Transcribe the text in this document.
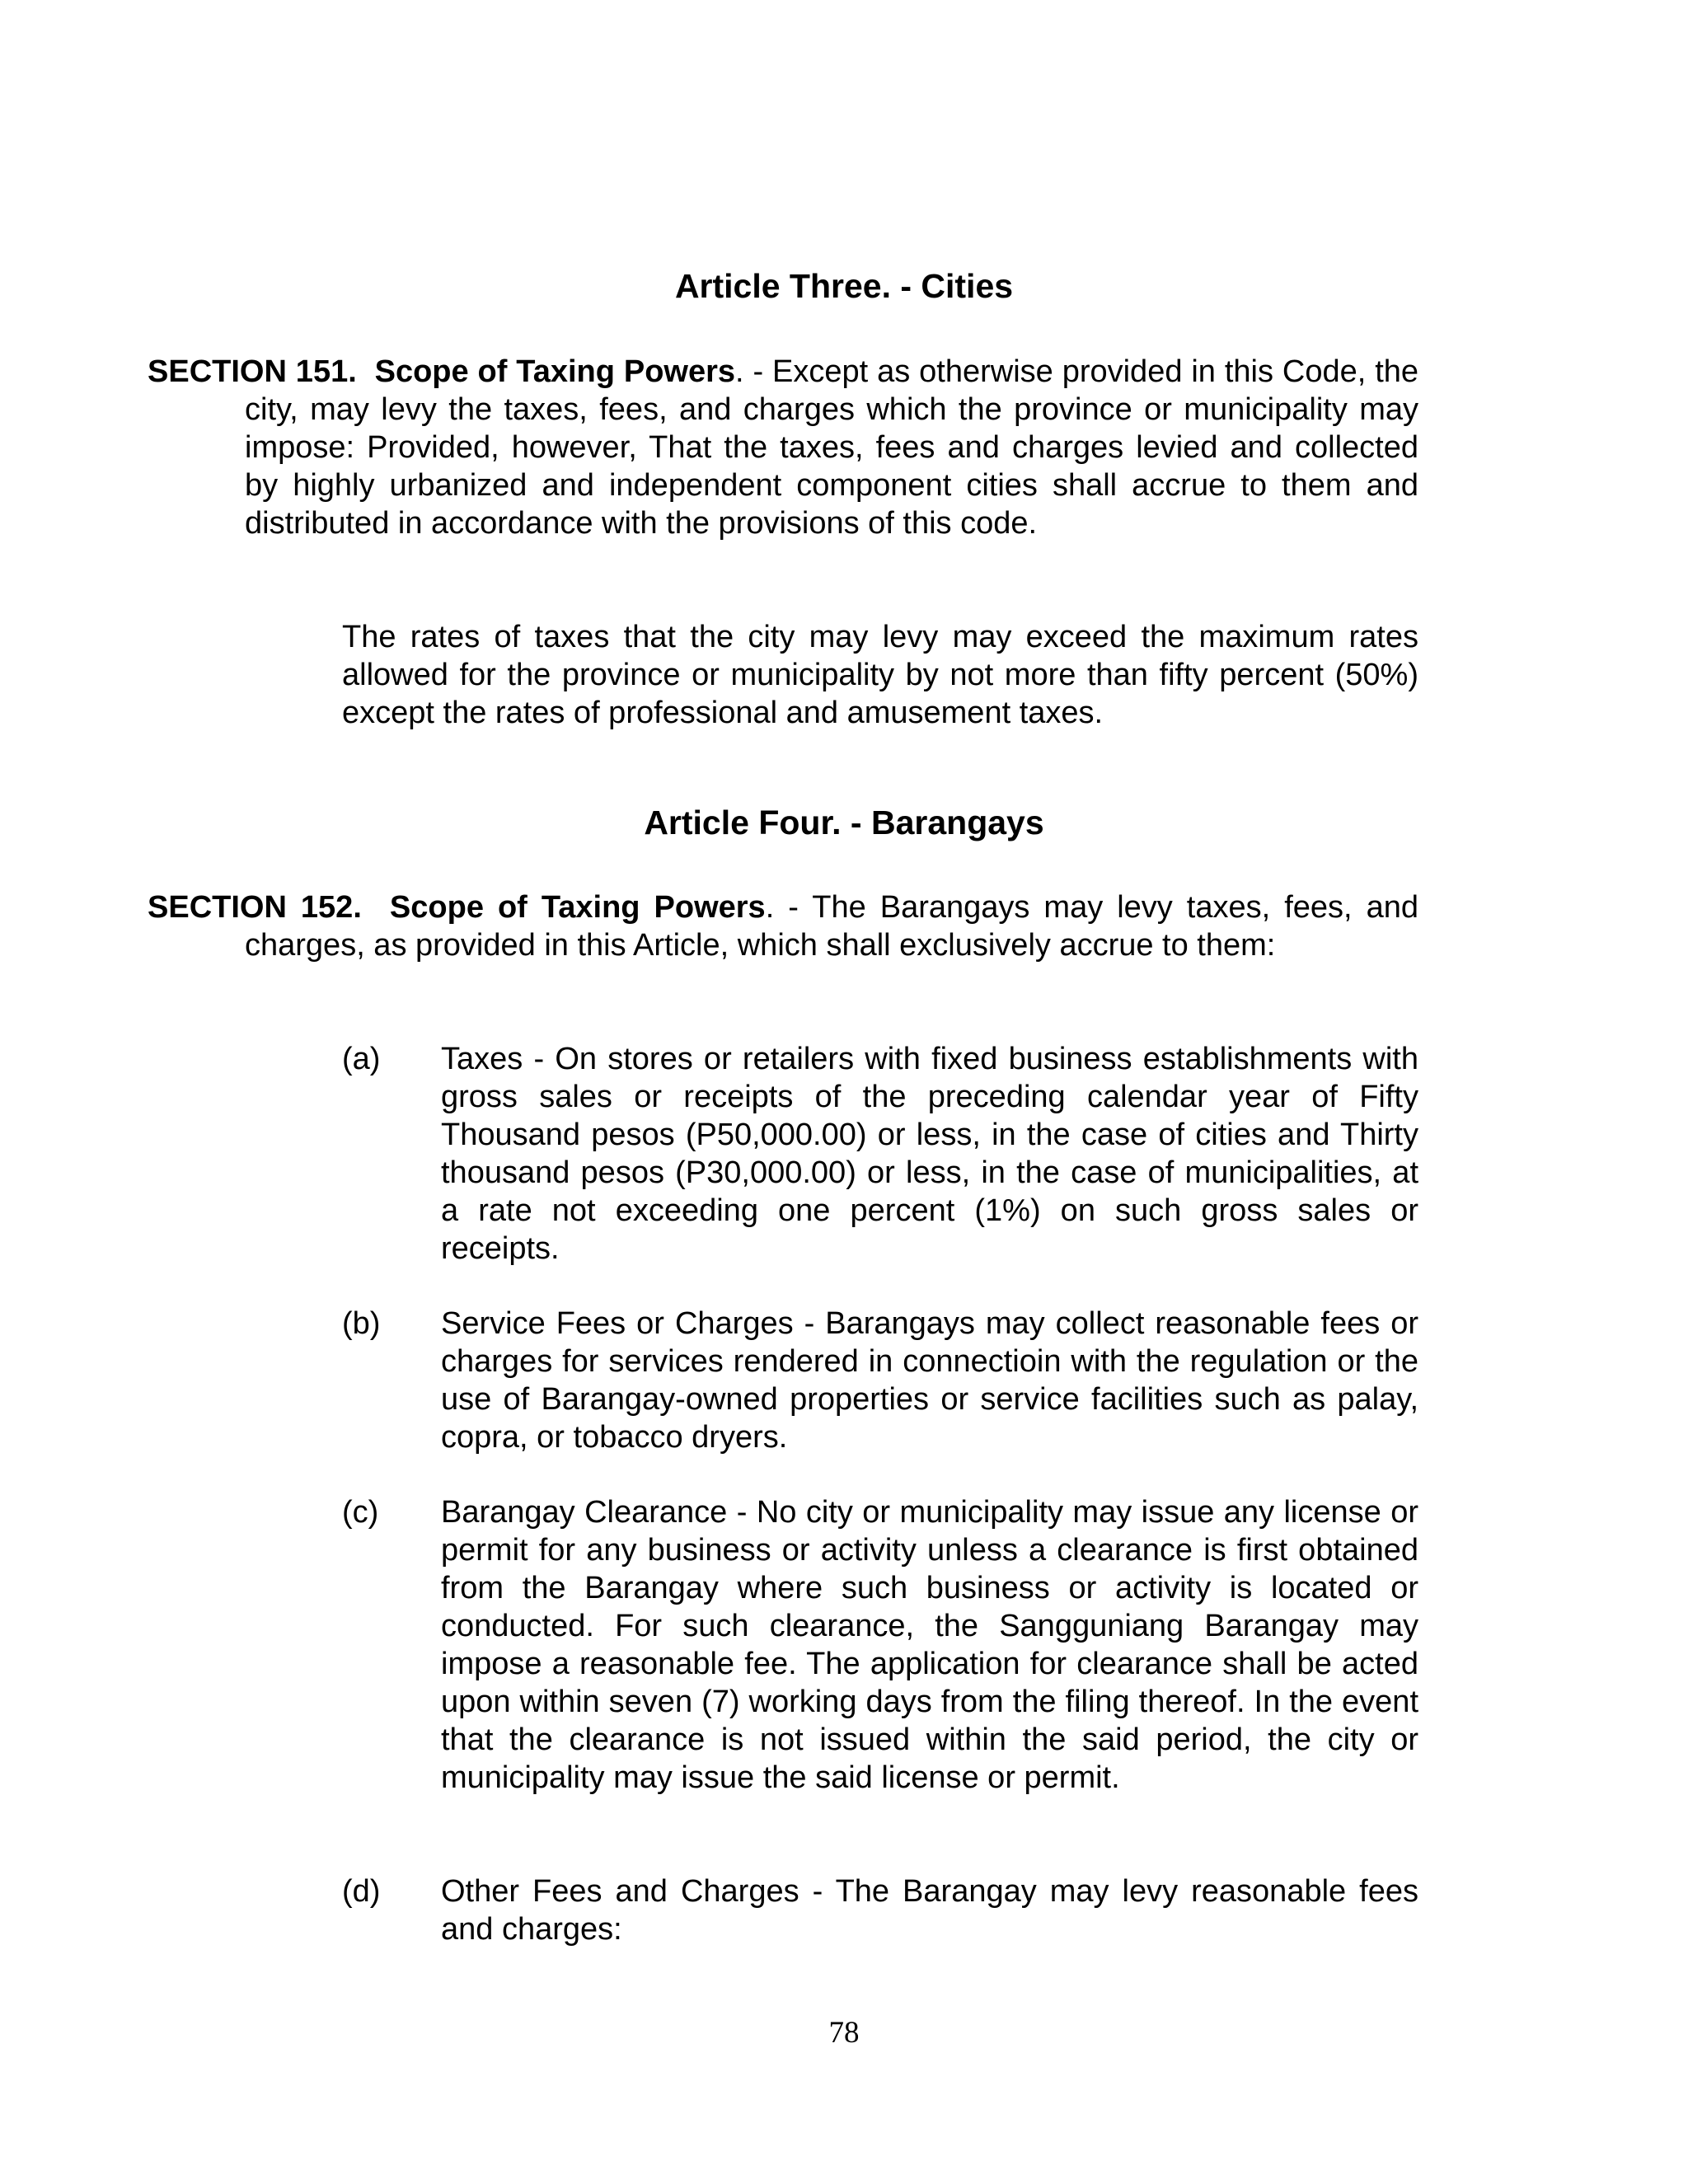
Article Three. - Cities
SECTION 151. Scope of Taxing Powers. - Except as otherwise provided in this Code, the city, may levy the taxes, fees, and charges which the province or municipality may impose: Provided, however, That the taxes, fees and charges levied and collected by highly urbanized and independent component cities shall accrue to them and distributed in accordance with the provisions of this code.
The rates of taxes that the city may levy may exceed the maximum rates allowed for the province or municipality by not more than fifty percent (50%) except the rates of professional and amusement taxes.
Article Four. - Barangays
SECTION 152. Scope of Taxing Powers. - The Barangays may levy taxes, fees, and charges, as provided in this Article, which shall exclusively accrue to them:
(a) Taxes - On stores or retailers with fixed business establishments with gross sales or receipts of the preceding calendar year of Fifty Thousand pesos (P50,000.00) or less, in the case of cities and Thirty thousand pesos (P30,000.00) or less, in the case of municipalities, at a rate not exceeding one percent (1%) on such gross sales or receipts.
(b) Service Fees or Charges - Barangays may collect reasonable fees or charges for services rendered in connectioin with the regulation or the use of Barangay-owned properties or service facilities such as palay, copra, or tobacco dryers.
(c) Barangay Clearance - No city or municipality may issue any license or permit for any business or activity unless a clearance is first obtained from the Barangay where such business or activity is located or conducted. For such clearance, the Sangguniang Barangay may impose a reasonable fee. The application for clearance shall be acted upon within seven (7) working days from the filing thereof. In the event that the clearance is not issued within the said period, the city or municipality may issue the said license or permit.
(d) Other Fees and Charges - The Barangay may levy reasonable fees and charges:
78
